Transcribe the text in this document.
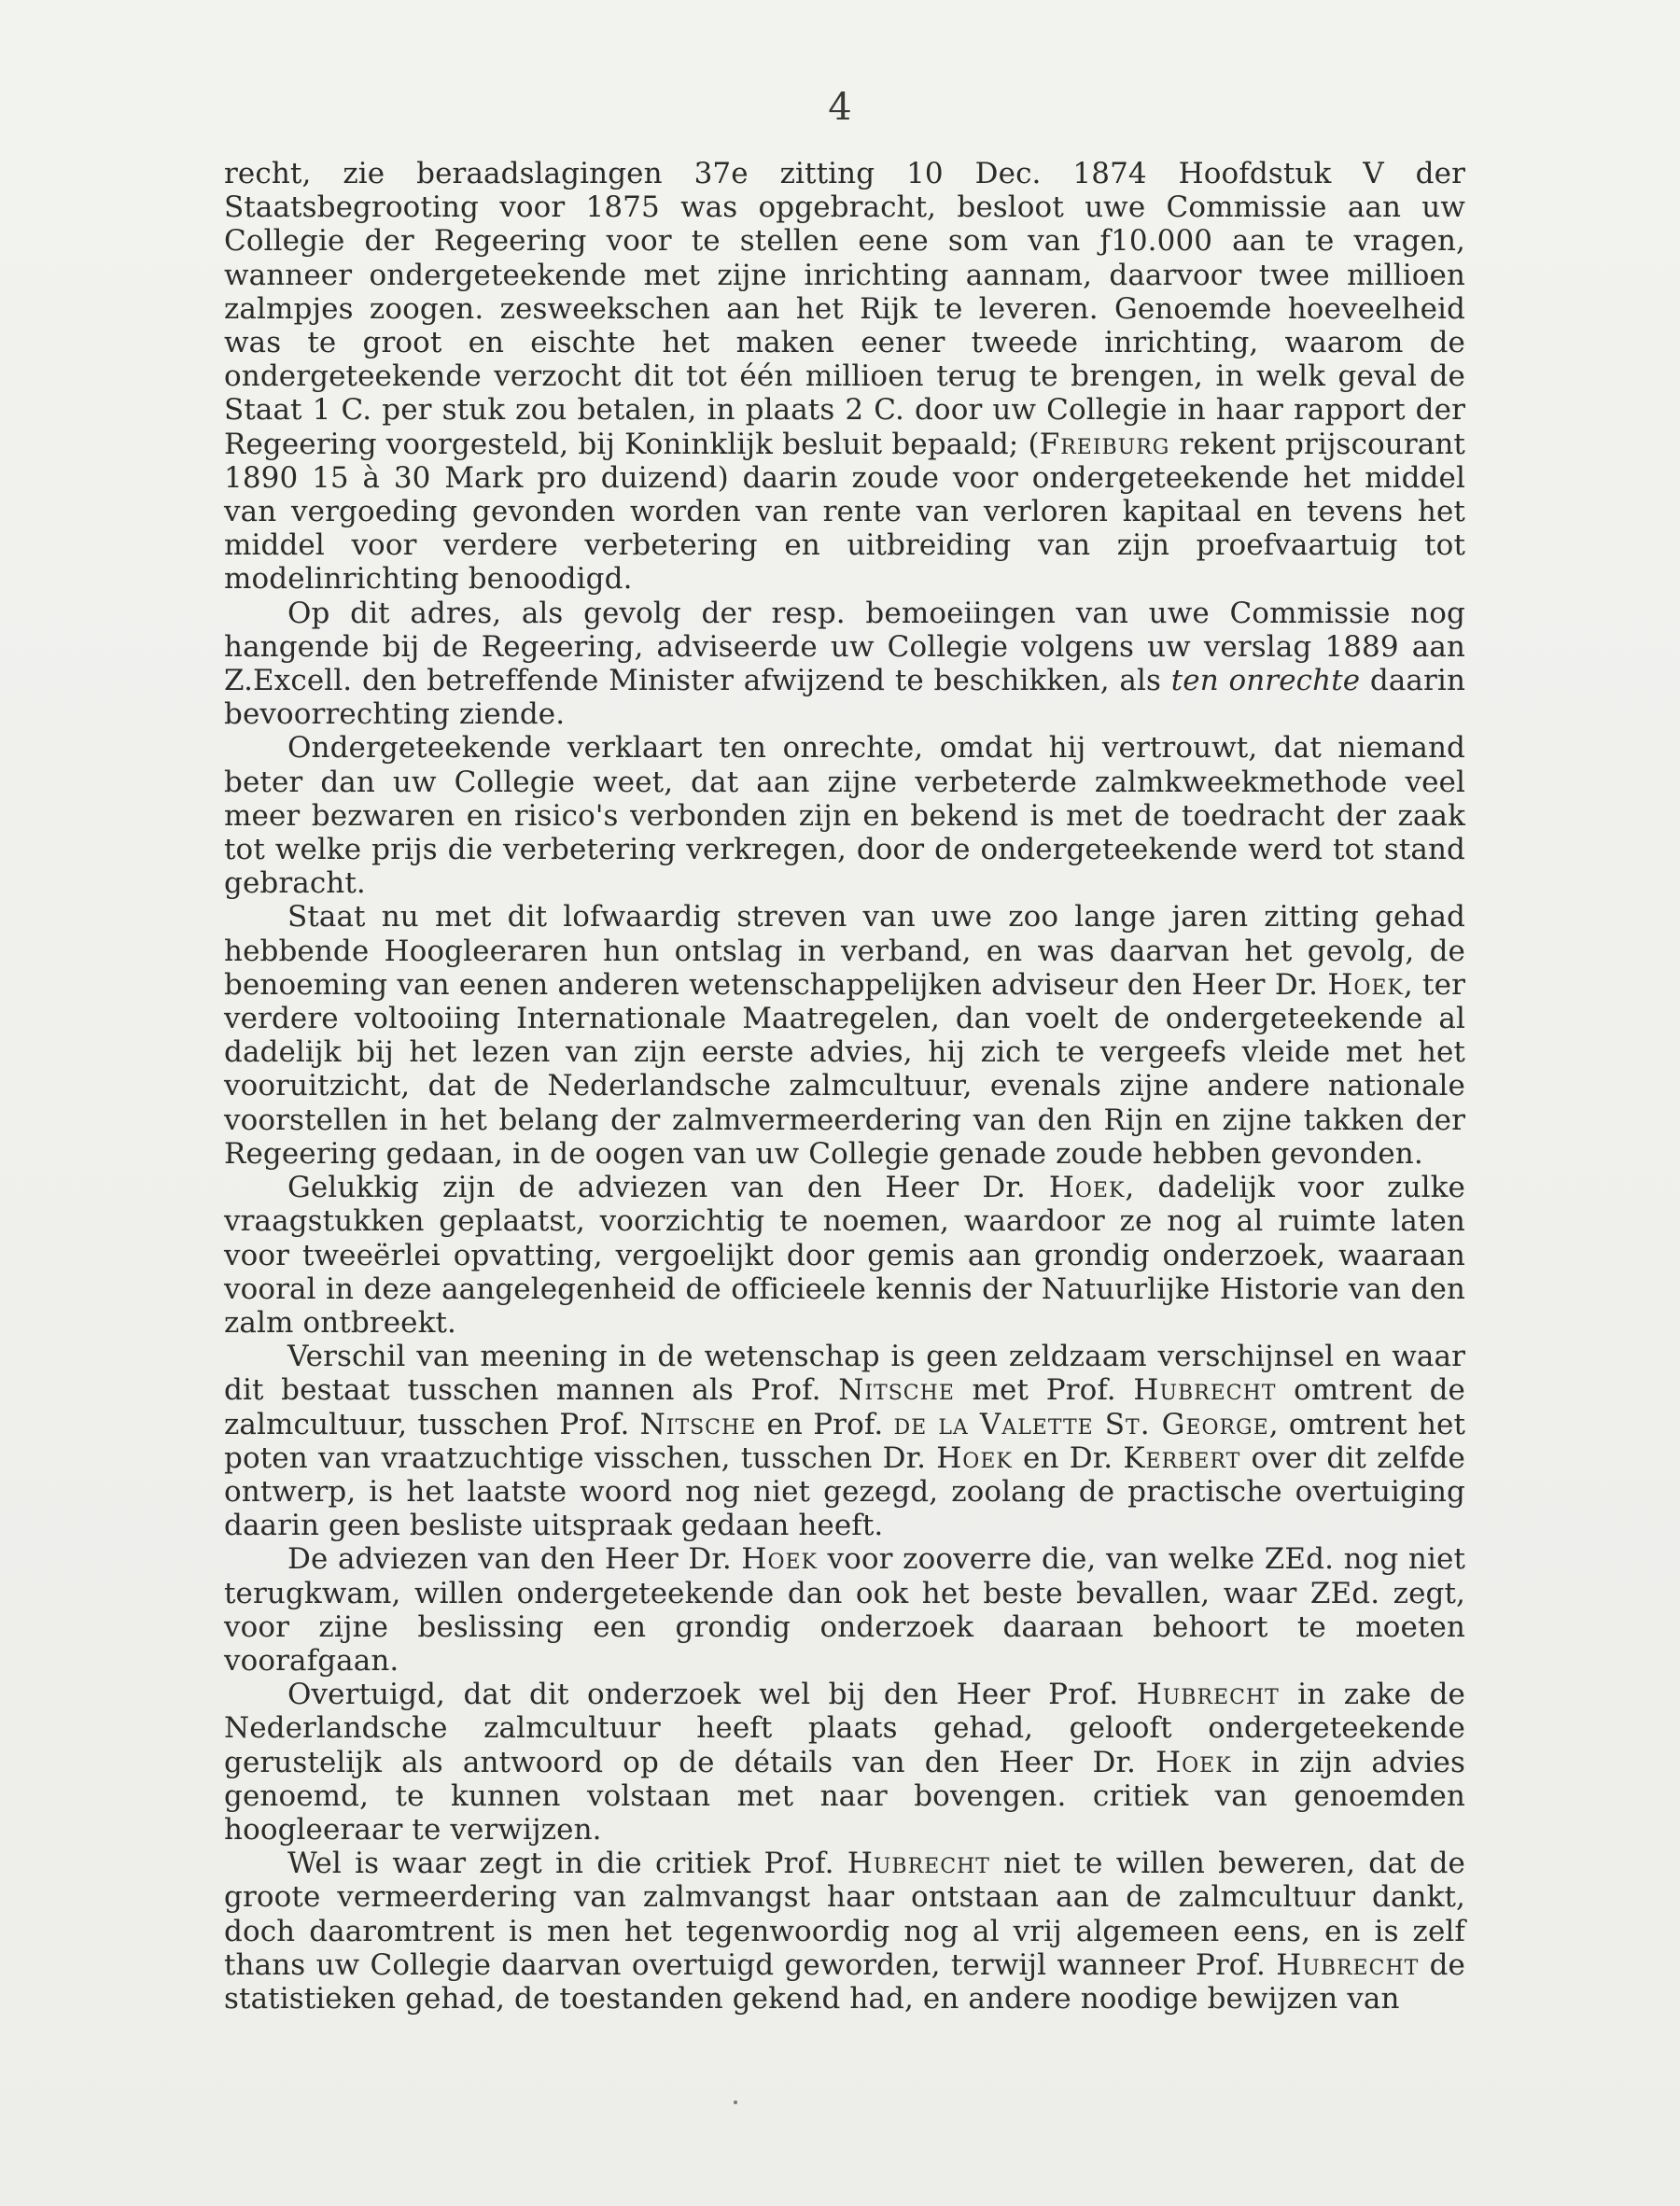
4

recht, zie beraadslagingen 37e zitting 10 Dec. 1874 Hoofdstuk V der Staatsbegrooting voor 1875 was opgebracht, besloot uwe Commissie aan uw Collegie der Regeering voor te stellen eene som van ƒ10.000 aan te vragen, wanneer ondergeteekende met zijne inrichting aannam, daarvoor twee millioen zalmpjes zoogen. zesweekschen aan het Rijk te leveren. Genoemde hoeveelheid was te groot en eischte het maken eener tweede inrichting, waarom de ondergeteekende verzocht dit tot één millioen terug te brengen, in welk geval de Staat 1 C. per stuk zou betalen, in plaats 2 C. door uw Collegie in haar rapport der Regeering voorgesteld, bij Koninklijk besluit bepaald; (Freiburg rekent prijscourant 1890 15 à 30 Mark pro duizend) daarin zoude voor ondergeteekende het middel van vergoeding gevonden worden van rente van verloren kapitaal en tevens het middel voor verdere verbetering en uitbreiding van zijn proefvaartuig tot modelinrichting benoodigd.

Op dit adres, als gevolg der resp. bemoeiingen van uwe Commissie nog hangende bij de Regeering, adviseerde uw Collegie volgens uw verslag 1889 aan Z.Excell. den betreffende Minister afwijzend te beschikken, als ten onrechte daarin bevoorrechting ziende.

Ondergeteekende verklaart ten onrechte, omdat hij vertrouwt, dat niemand beter dan uw Collegie weet, dat aan zijne verbeterde zalmkweekmethode veel meer bezwaren en risico's verbonden zijn en bekend is met de toedracht der zaak tot welke prijs die verbetering verkregen, door de ondergeteekende werd tot stand gebracht.

Staat nu met dit lofwaardig streven van uwe zoo lange jaren zitting gehad hebbende Hoogleeraren hun ontslag in verband, en was daarvan het gevolg, de benoeming van eenen anderen wetenschappelijken adviseur den Heer Dr. Hoek, ter verdere voltooiing Internationale Maatregelen, dan voelt de ondergeteekende al dadelijk bij het lezen van zijn eerste advies, hij zich te vergeefs vleide met het vooruitzicht, dat de Nederlandsche zalmcultuur, evenals zijne andere nationale voorstellen in het belang der zalmvermeerdering van den Rijn en zijne takken der Regeering gedaan, in de oogen van uw Collegie genade zoude hebben gevonden.

Gelukkig zijn de adviezen van den Heer Dr. Hoek, dadelijk voor zulke vraagstukken geplaatst, voorzichtig te noemen, waardoor ze nog al ruimte laten voor tweeërlei opvatting, vergoelijkt door gemis aan grondig onderzoek, waaraan vooral in deze aangelegenheid de officieele kennis der Natuurlijke Historie van den zalm ontbreekt.

Verschil van meening in de wetenschap is geen zeldzaam verschijnsel en waar dit bestaat tusschen mannen als Prof. Nitsche met Prof. Hubrecht omtrent de zalmcultuur, tusschen Prof. Nitsche en Prof. de la Valette St. George, omtrent het poten van vraatzuchtige visschen, tusschen Dr. Hoek en Dr. Kerbert over dit zelfde ontwerp, is het laatste woord nog niet gezegd, zoolang de practische overtuiging daarin geen besliste uitspraak gedaan heeft.

De adviezen van den Heer Dr. Hoek voor zooverre die, van welke ZEd. nog niet terugkwam, willen ondergeteekende dan ook het beste bevallen, waar ZEd. zegt, voor zijne beslissing een grondig onderzoek daaraan behoort te moeten voorafgaan.

Overtuigd, dat dit onderzoek wel bij den Heer Prof. Hubrecht in zake de Nederlandsche zalmcultuur heeft plaats gehad, gelooft ondergeteekende gerustelijk als antwoord op de détails van den Heer Dr. Hoek in zijn advies genoemd, te kunnen volstaan met naar bovengen. critiek van genoemden hoogleeraar te verwijzen.

Wel is waar zegt in die critiek Prof. Hubrecht niet te willen beweren, dat de groote vermeerdering van zalmvangst haar ontstaan aan de zalmcultuur dankt, doch daaromtrent is men het tegenwoordig nog al vrij algemeen eens, en is zelf thans uw Collegie daarvan overtuigd geworden, terwijl wanneer Prof. Hubrecht de statistieken gehad, de toestanden gekend had, en andere noodige bewijzen van
